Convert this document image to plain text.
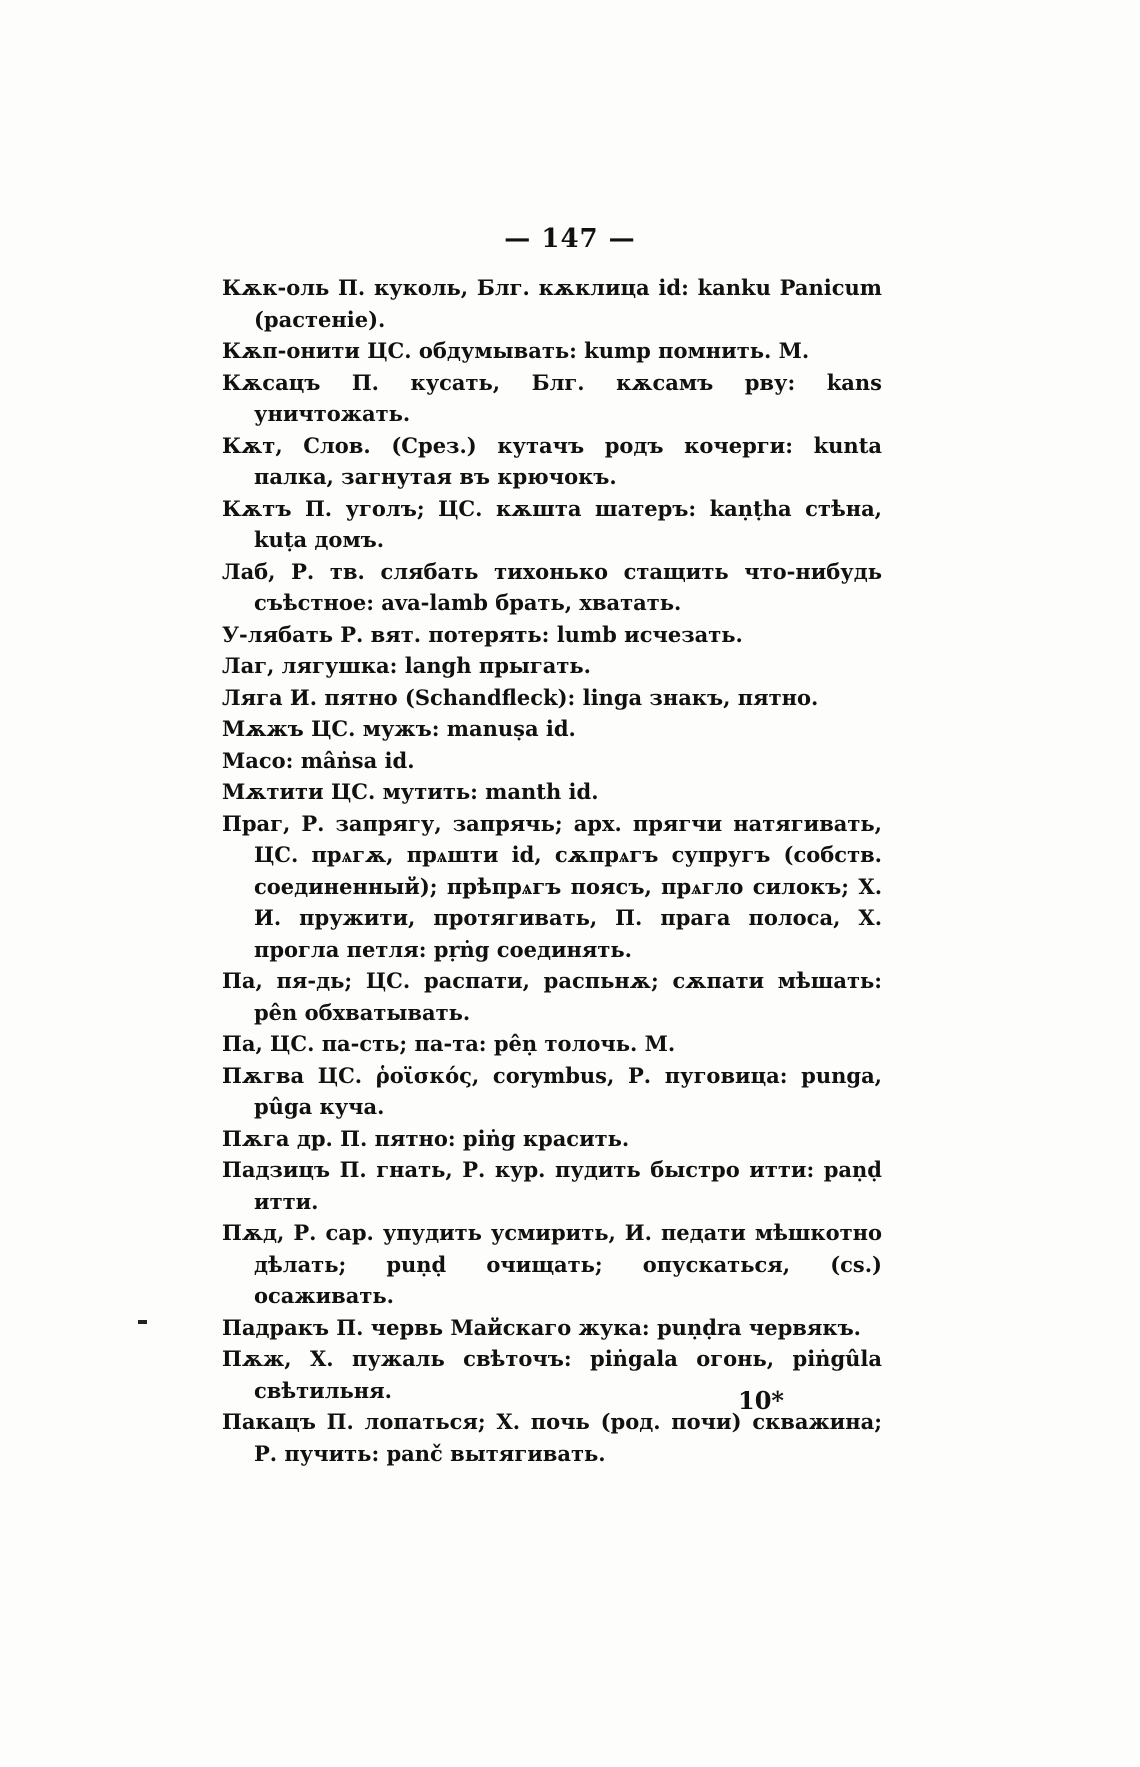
— 147 —

Кѫк-оль П. куколь, Блг. кѫклица id: kanku Panicum (растеніе).

Кѫп-онити ЦС. обдумывать: kump помнить. М.

Кѫсацъ П. кусать, Блг. кѫсамъ рву: kans уничтожать.

Кѫт, Слов. (Срез.) кутачъ родъ кочерги: kunta палка, загнутая въ крючокъ.

Кѫтъ П. уголъ; ЦС. кѫшта шатеръ: kaṇṭha стѣна, kuṭa домъ.

Лаб, Р. тв. слябать тихонько стащить что-нибудь съѣстное: ava-lamb брать, хватать.

У-лябать Р. вят. потерять: lumb исчезать.

Лаг, лягушка: langh прыгать.

Ляга И. пятно (Schandfleck): linga знакъ, пятно.

Мѫжъ ЦС. мужъ: manuṣa id.

Масо: mâṅsa id.

Мѫтити ЦС. мутить: manth id.

Праг, Р. запрягу, запрячь; арх. прягчи натягивать, ЦС. прѧгѫ, прѧшти id, сѫпрѧгъ супругъ (собств. соединенный); прѣпрѧгъ поясъ, прѧгло силокъ; Х. И. пружити, протягивать, П. прага полоса, Х. прогла петля: pṛṅg соединять.

Па, пя-дь; ЦС. распати, распьнѫ; сѫпати мѣшать: pên обхватывать.

Па, ЦС. па-сть; па-та: pêṇ толочь. М.

Пѫгва ЦС. ῥοϊσκός, corymbus, Р. пуговица: punga, pûga куча.

Пѫга др. П. пятно: piṅg красить.

Падзицъ П. гнать, Р. кур. пудить быстро итти: paṇḍ итти.

Пѫд, Р. сар. упудить усмирить, И. педати мѣшкотно дѣлать; puṇḍ очищать; опускаться, (cs.) осаживать.

Падракъ П. червь Майскаго жука: puṇḍra червякъ.

Пѫж, Х. пужаль свѣточъ: piṅgala огонь, piṅgûla свѣтильня.

Пакацъ П. лопаться; Х. почь (род. почи) скважина; Р. пучить: panč вытягивать.

10*
